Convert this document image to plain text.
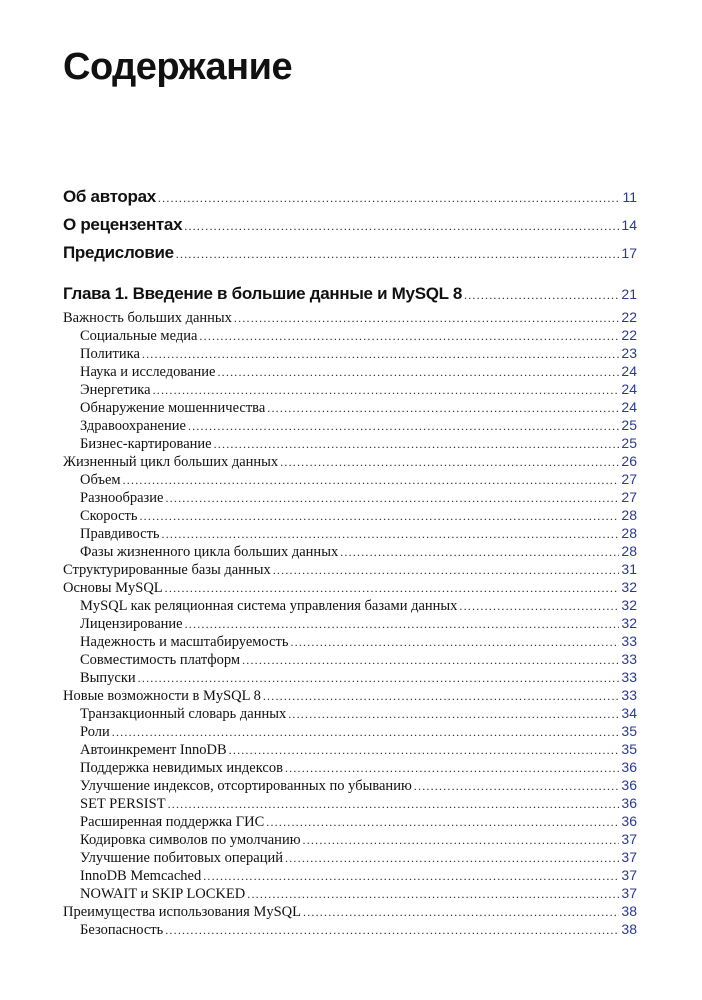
Содержание
Об авторах .....	11
О рецензентах .....	14
Предисловие .....	17
Глава 1. Введение в большие данные и MySQL 8 .....	21
Важность больших данных .....	22
Социальные медиа .....	22
Политика .....	23
Наука и исследование .....	24
Энергетика .....	24
Обнаружение мошенничества .....	24
Здравоохранение .....	25
Бизнес-картирование .....	25
Жизненный цикл больших данных .....	26
Объем .....	27
Разнообразие .....	27
Скорость .....	28
Правдивость .....	28
Фазы жизненного цикла больших данных .....	28
Структурированные базы данных .....	31
Основы MySQL .....	32
MySQL как реляционная система управления базами данных .....	32
Лицензирование .....	32
Надежность и масштабируемость .....	33
Совместимость платформ .....	33
Выпуски .....	33
Новые возможности в MySQL 8 .....	33
Транзакционный словарь данных .....	34
Роли .....	35
Автоинкремент InnoDB .....	35
Поддержка невидимых индексов .....	36
Улучшение индексов, отсортированных по убыванию .....	36
SET PERSIST .....	36
Расширенная поддержка ГИС .....	36
Кодировка символов по умолчанию .....	37
Улучшение побитовых операций .....	37
InnoDB Memcached .....	37
NOWAIT и SKIP LOCKED .....	37
Преимущества использования MySQL .....	38
Безопасность .....	38
